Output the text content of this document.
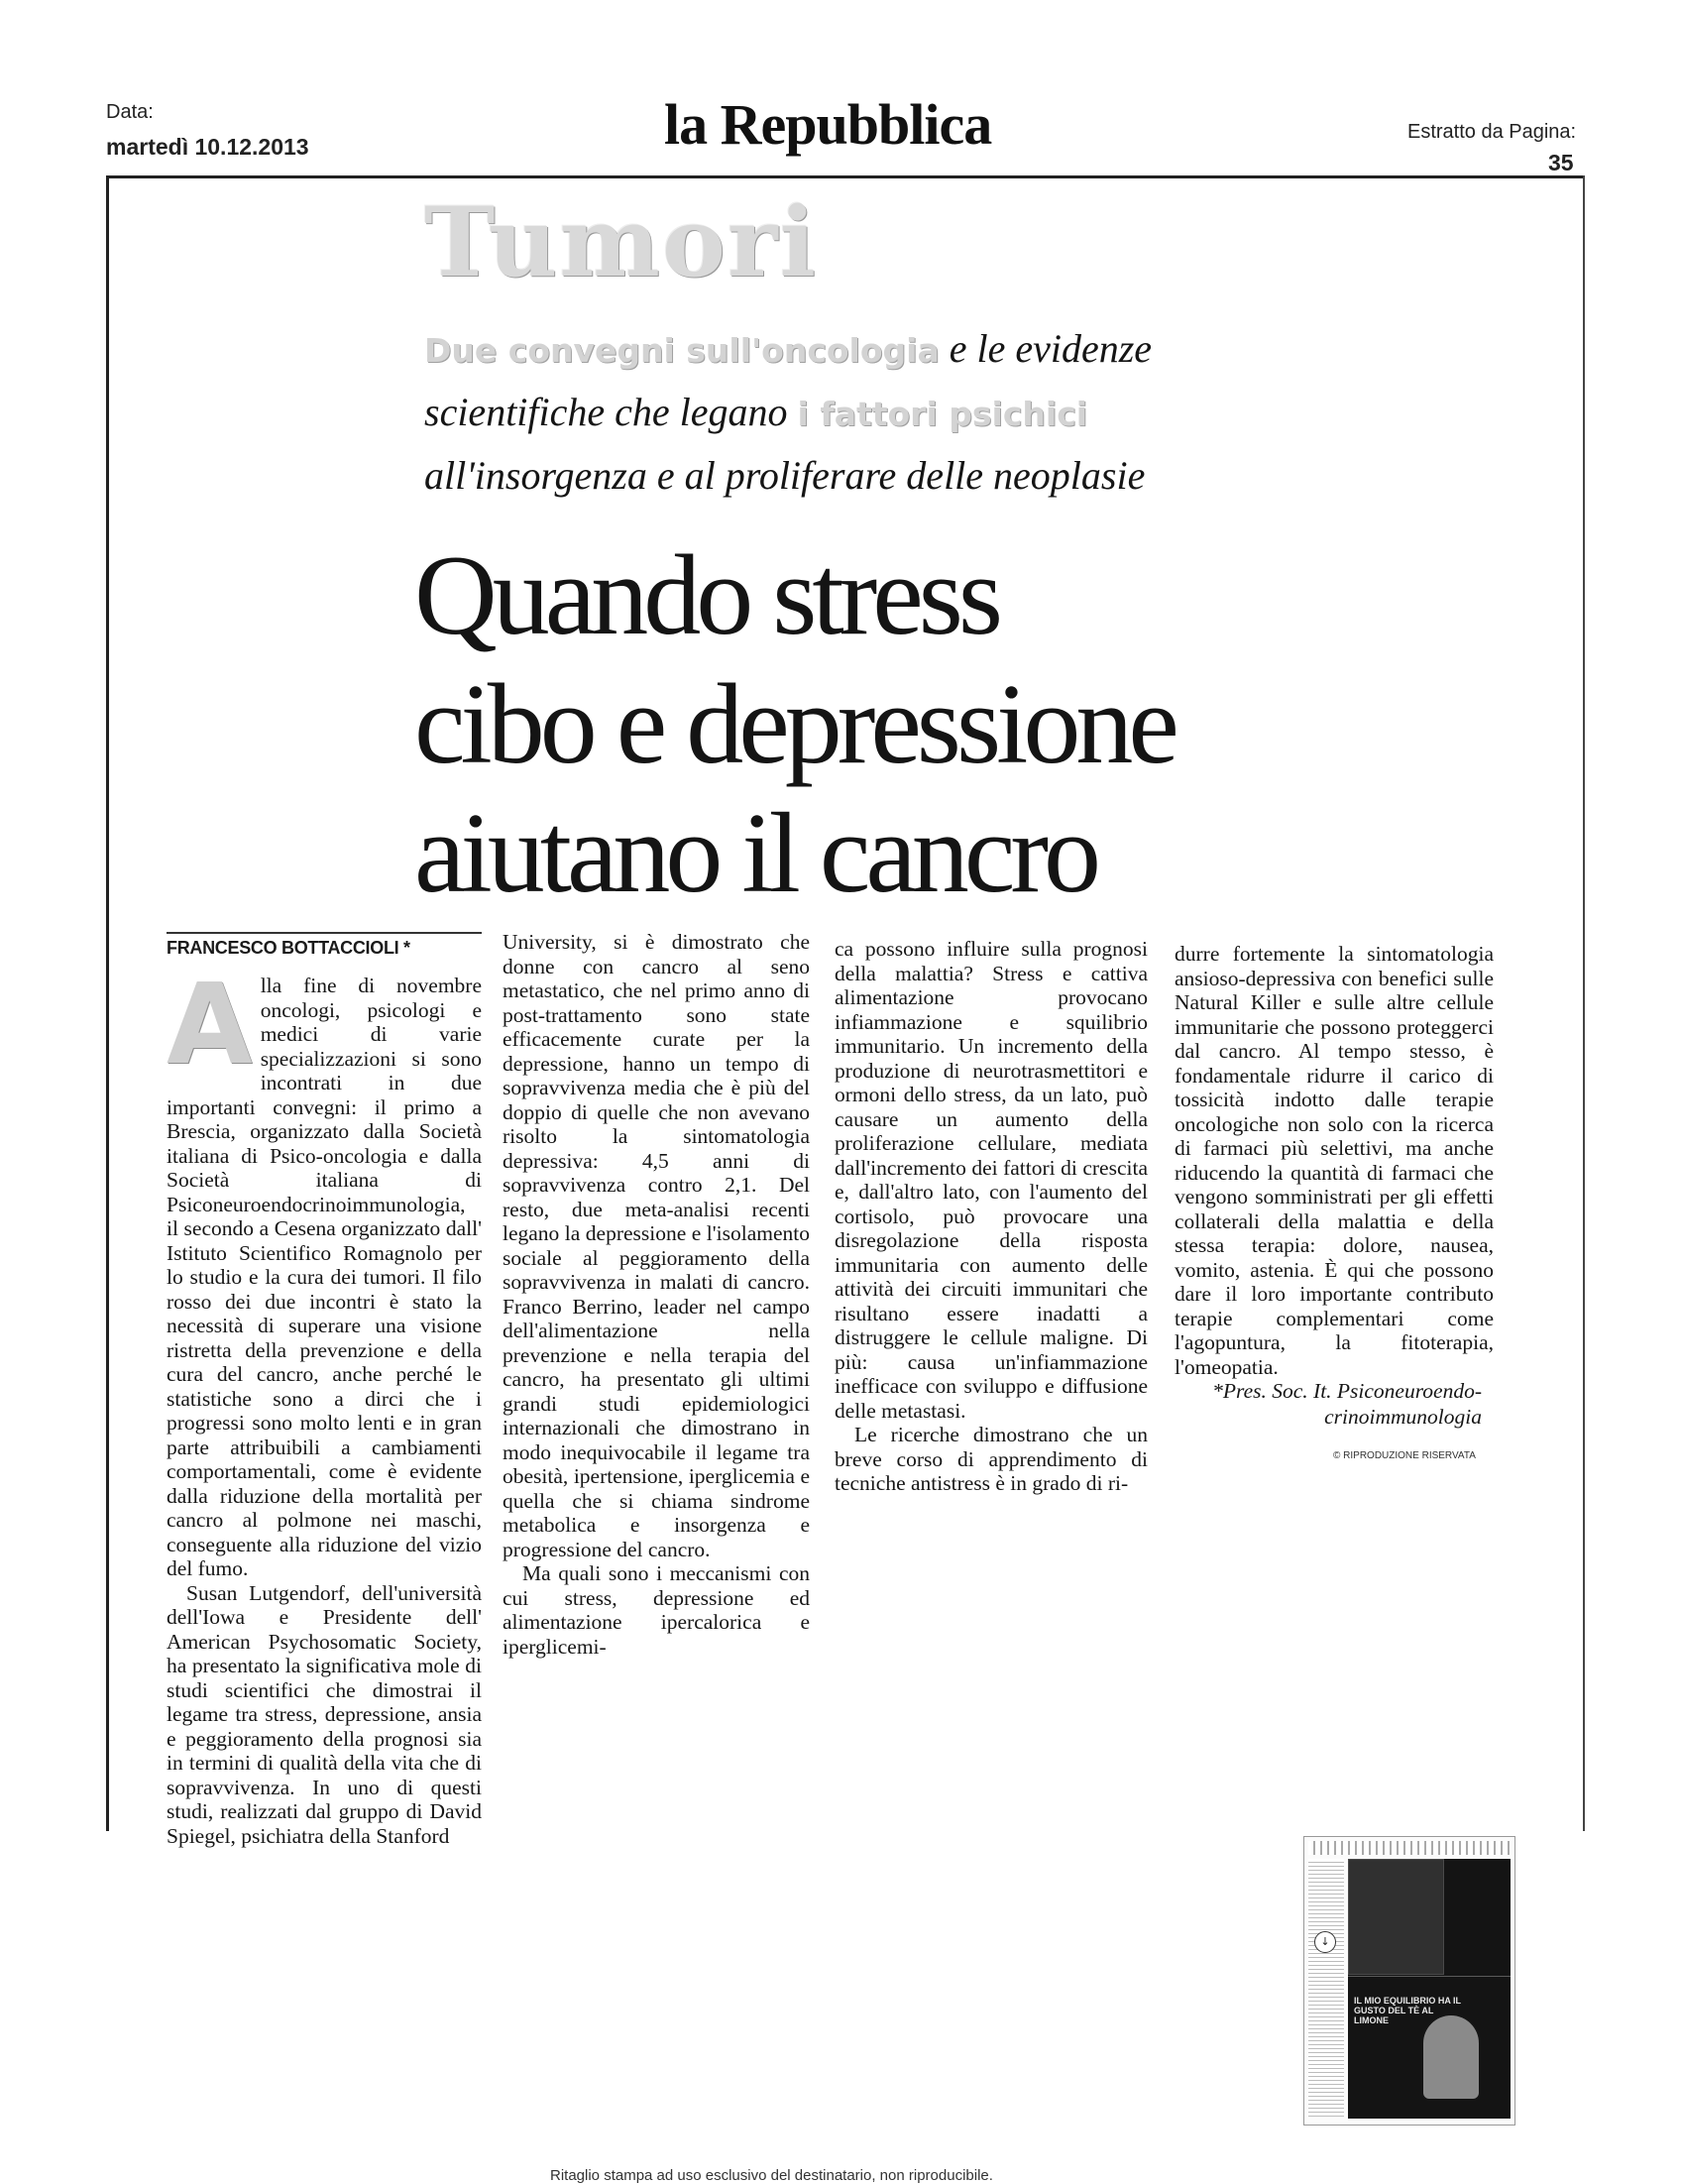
Data:
martedì 10.12.2013	la Repubblica	Estratto da Pagina:
35
Tumori
Due convegni sull'oncologia e le evidenze
scientifiche che legano i fattori psichici
all'insorgenza e al proliferare delle neoplasie
Quando stress
cibo e depressione
aiutano il cancro
FRANCESCO BOTTACCIOLI *

Alla fine di novembre oncologi, psicologi e medici di varie specializzazioni si sono incontrati in due importanti convegni: il primo a Brescia, organizzato dalla Società italiana di Psico-oncologia e dalla Società italiana di Psiconeuroendocrinoimmunologia, il secondo a Cesena organizzato dall' Istituto Scientifico Romagnolo per lo studio e la cura dei tumori. Il filo rosso dei due incontri è stato la necessità di superare una visione ristretta della prevenzione e della cura del cancro, anche perché le statistiche sono a dirci che i progressi sono molto lenti e in gran parte attribuibili a cambiamenti comportamentali, come è evidente dalla riduzione della mortalità per cancro al polmone nei maschi, conseguente alla riduzione del vizio del fumo.

Susan Lutgendorf, dell'università dell'Iowa e Presidente dell' American Psychosomatic Society, ha presentato la significativa mole di studi scientifici che dimostrai il legame tra stress, depressione, ansia e peggioramento della prognosi sia in termini di qualità della vita che di sopravvivenza. In uno di questi studi, realizzati dal gruppo di David Spiegel, psichiatra della Stanford

University, si è dimostrato che donne con cancro al seno metastatico, che nel primo anno di post-trattamento sono state efficacemente curate per la depressione, hanno un tempo di sopravvivenza media che è più del doppio di quelle che non avevano risolto la sintomatologia depressiva: 4,5 anni di sopravvivenza contro 2,1. Del resto, due meta-analisi recenti legano la depressione e l'isolamento sociale al peggioramento della sopravvivenza in malati di cancro. Franco Berrino, leader nel campo dell'alimentazione nella prevenzione e nella terapia del cancro, ha presentato gli ultimi grandi studi epidemiologici internazionali che dimostrano in modo inequivocabile il legame tra obesità, ipertensione, iperglicemia e quella che si chiama sindrome metabolica e insorgenza e progressione del cancro.

Ma quali sono i meccanismi con cui stress, depressione ed alimentazione ipercalorica e iperglicemi-

ca possono influire sulla prognosi della malattia? Stress e cattiva alimentazione provocano infiammazione e squilibrio immunitario. Un incremento della produzione di neurotrasmettitori e ormoni dello stress, da un lato, può causare un aumento della proliferazione cellulare, mediata dall'incremento dei fattori di crescita e, dall'altro lato, con l'aumento del cortisolo, può provocare una disregolazione della risposta immunitaria con aumento delle attività dei circuiti immunitari che risultano essere inadatti a distruggere le cellule maligne. Di più: causa un'infiammazione inefficace con sviluppo e diffusione delle metastasi.

Le ricerche dimostrano che un breve corso di apprendimento di tecniche antistress è in grado di ri-

durre fortemente la sintomatologia ansioso-depressiva con benefici sulle Natural Killer e sulle altre cellule immunitarie che possono proteggerci dal cancro. Al tempo stesso, è fondamentale ridurre il carico di tossicità indotto dalle terapie oncologiche non solo con la ricerca di farmaci più selettivi, ma anche riducendo la quantità di farmaci che vengono somministrati per gli effetti collaterali della malattia e della stessa terapia: dolore, nausea, vomito, astenia. È qui che possono dare il loro importante contributo terapie complementari come l'agopuntura, la fitoterapia, l'omeopatia.

*Pres. Soc. It. Psiconeuroendo-
crinoimmunologia
© RIPRODUZIONE RISERVATA
↓
IL MIO EQUILIBRIO HA IL GUSTO DEL TÈ AL LIMONE
Ritaglio stampa ad uso esclusivo del destinatario, non riproducibile.
